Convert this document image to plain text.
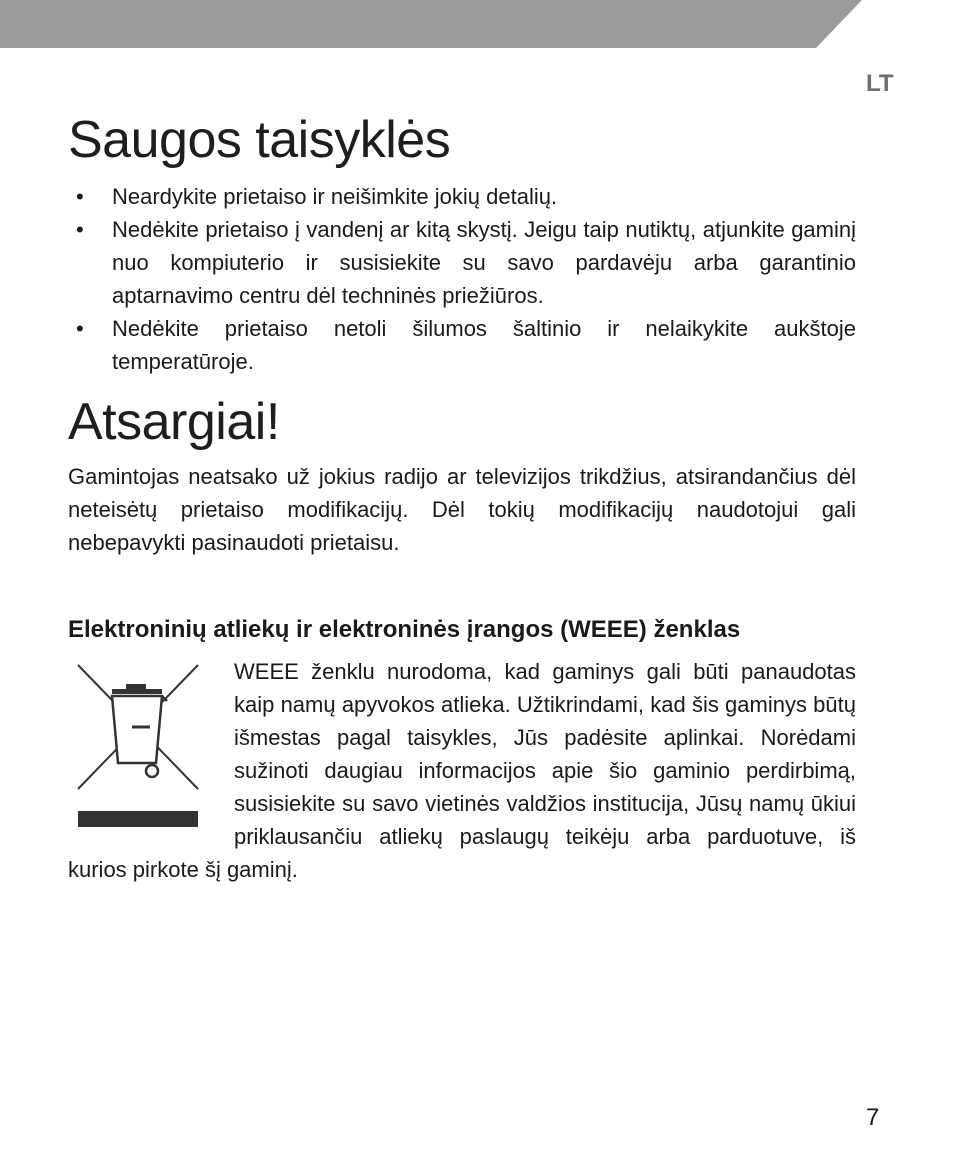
LT
Saugos taisyklės
• Neardykite prietaiso ir neišimkite jokių detalių.
• Nedėkite prietaiso į vandenį ar kitą skystį. Jeigu taip nutiktų, atjunkite gaminį nuo kompiuterio ir susisiekite su savo pardavėju arba garantinio aptarnavimo centru dėl techninės priežiūros.
• Nedėkite prietaiso netoli šilumos šaltinio ir nelaikykite aukštoje temperatūroje.
Atsargiai!

Gamintojas neatsako už jokius radijo ar televizijos trikdžius, atsirandančius dėl neteisėtų prietaiso modifikacijų. Dėl tokių modifikacijų naudotojui gali nebepavykti pasinaudoti prietaisu.

Elektroninių atliekų ir elektroninės įrangos (WEEE) ženklas

WEEE ženklu nurodoma, kad gaminys gali būti panaudotas kaip namų apyvokos atlieka. Užtikrindami, kad šis gaminys būtų išmestas pagal taisykles, Jūs padėsite aplinkai. Norėdami sužinoti daugiau informacijos apie šio gaminio perdirbimą, susisiekite su savo vietinės valdžios institucija, Jūsų namų ūkiui priklausančiu atliekų paslaugų teikėju arba parduotuve, iš kurios pirkote šį gaminį.

7
